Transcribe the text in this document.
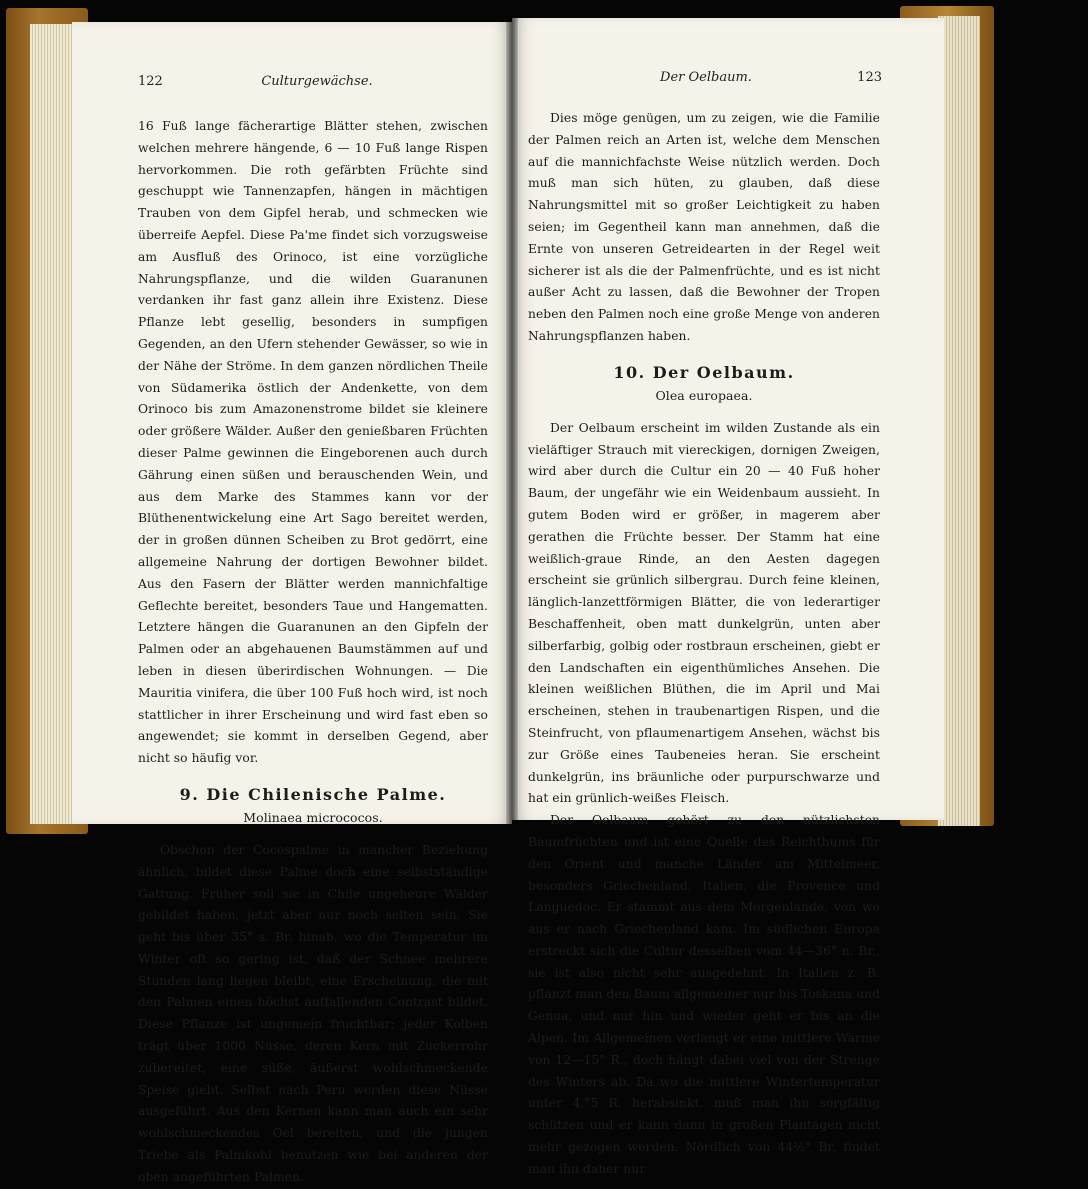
122	Culturgewächse.

16 Fuß lange fächerartige Blätter stehen, zwischen welchen mehrere hängende, 6 — 10 Fuß lange Rispen hervorkommen. Die roth gefärbten Früchte sind geschuppt wie Tannenzapfen, hängen in mächtigen Trauben von dem Gipfel herab, und schmecken wie überreife Aepfel. Diese Pa'me findet sich vorzugsweise am Ausfluß des Orinoco, ist eine vorzügliche Nahrungspflanze, und die wilden Guaranunen verdanken ihr fast ganz allein ihre Existenz. Diese Pflanze lebt gesellig, besonders in sumpfigen Gegenden, an den Ufern stehender Gewässer, so wie in der Nähe der Ströme. In dem ganzen nördlichen Theile von Südamerika östlich der Andenkette, von dem Orinoco bis zum Amazonenstrome bildet sie kleinere oder größere Wälder. Außer den genießbaren Früchten dieser Palme gewinnen die Eingeborenen auch durch Gährung einen süßen und berauschenden Wein, und aus dem Marke des Stammes kann vor der Blüthenentwickelung eine Art Sago bereitet werden, der in großen dünnen Scheiben zu Brot gedörrt, eine allgemeine Nahrung der dortigen Bewohner bildet. Aus den Fasern der Blätter werden mannichfaltige Geflechte bereitet, besonders Taue und Hangematten. Letztere hängen die Guaranunen an den Gipfeln der Palmen oder an abgehauenen Baumstämmen auf und leben in diesen überirdischen Wohnungen. — Die Mauritia vinifera, die über 100 Fuß hoch wird, ist noch stattlicher in ihrer Erscheinung und wird fast eben so angewendet; sie kommt in derselben Gegend, aber nicht so häufig vor.

9. Die Chilenische Palme.
Molinaea micrococos.

Obschon der Cocospalme in mancher Beziehung ähnlich, bildet diese Palme doch eine selbstständige Gattung. Früher soll sie in Chile ungeheure Wälder gebildet haben, jetzt aber nur noch selten sein. Sie geht bis über 35° s. Br. hinab, wo die Temperatur im Winter oft so gering ist, daß der Schnee mehrere Stunden lang liegen bleibt, eine Erscheinung, die mit den Palmen einen höchst auffallenden Contrast bildet. Diese Pflanze ist ungemein fruchtbar; jeder Kolben trägt über 1000 Nüsse, deren Kern mit Zuckerrohr zubereitet, eine süße, äußerst wohlschmeckende Speise giebt. Selbst nach Peru werden diese Nüsse ausgeführt. Aus den Kernen kann man auch ein sehr wohlschmeckendes Oel bereiten, und die jungen Triebe als Palmkohl benutzen wie bei anderen der oben angeführten Palmen.

Der Oelbaum.	123

Dies möge genügen, um zu zeigen, wie die Familie der Palmen reich an Arten ist, welche dem Menschen auf die mannichfachste Weise nützlich werden. Doch muß man sich hüten, zu glauben, daß diese Nahrungsmittel mit so großer Leichtigkeit zu haben seien; im Gegentheil kann man annehmen, daß die Ernte von unseren Getreidearten in der Regel weit sicherer ist als die der Palmenfrüchte, und es ist nicht außer Acht zu lassen, daß die Bewohner der Tropen neben den Palmen noch eine große Menge von anderen Nahrungspflanzen haben.

10. Der Oelbaum.
Olea europaea.

Der Oelbaum erscheint im wilden Zustande als ein vieläftiger Strauch mit viereckigen, dornigen Zweigen, wird aber durch die Cultur ein 20 — 40 Fuß hoher Baum, der ungefähr wie ein Weidenbaum aussieht. In gutem Boden wird er größer, in magerem aber gerathen die Früchte besser. Der Stamm hat eine weißlich-graue Rinde, an den Aesten dagegen erscheint sie grünlich silbergrau. Durch feine kleinen, länglich-lanzettförmigen Blätter, die von lederartiger Beschaffenheit, oben matt dunkelgrün, unten aber silberfarbig, golbig oder rostbraun erscheinen, giebt er den Landschaften ein eigenthümliches Ansehen. Die kleinen weißlichen Blüthen, die im April und Mai erscheinen, stehen in traubenartigen Rispen, und die Steinfrucht, von pflaumenartigem Ansehen, wächst bis zur Größe eines Taubeneies heran. Sie erscheint dunkelgrün, ins bräunliche oder purpurschwarze und hat ein grünlich-weißes Fleisch.

Der Oelbaum gehört zu den nützlichsten Baumfrüchten und ist eine Quelle des Reichthums für den Orient und manche Länder am Mittelmeer, besonders Griechenland, Italien, die Provence und Languedoc. Er stammt aus dem Morgenlande, von wo aus er nach Griechenland kam. Im südlichen Europa erstreckt sich die Cultur desselben vom 44—36° n. Br., sie ist also nicht sehr ausgedehnt. In Italien z. B. pflanzt man den Baum allgemeiner nur bis Toskana und Genua, und nur hin und wieder geht er bis an die Alpen. Im Allgemeinen verlangt er eine mittlere Wärme von 12—15° R., doch hängt dabei viel von der Strenge des Winters ab. Da wo die mittlere Wintertemperatur unter 4,°5 R. herabsinkt, muß man ihn sorgfältig schützen und er kann dann in großen Plantagen nicht mehr gezogen werden. Nördlich von 44½° Br. findet man ihn daher nur
